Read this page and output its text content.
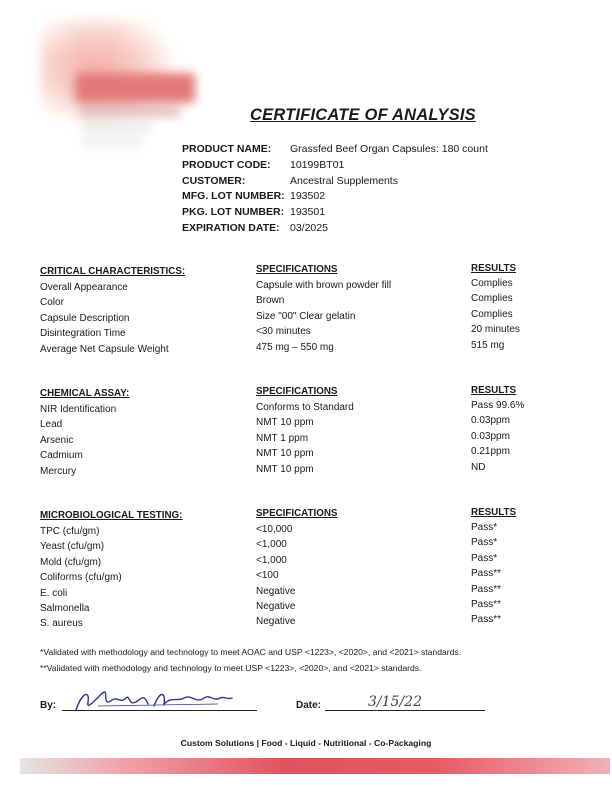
CERTIFICATE OF ANALYSIS
PRODUCT NAME: Grassfed Beef Organ Capsules: 180 count
PRODUCT CODE: 10199BT01
CUSTOMER:	Ancestral Supplements
MFG. LOT NUMBER: 193502
PKG. LOT NUMBER: 193501
EXPIRATION DATE: 03/2025
CRITICAL CHARACTERISTICS:	SPECIFICATIONS	RESULTS
Overall Appearance	Capsule with brown powder fill	Complies
Color	Brown	Complies
Capsule Description	Size "00" Clear gelatin	Complies
Disintegration Time	<30 minutes	20 minutes
Average Net Capsule Weight	475 mg – 550 mg	515 mg
CHEMICAL ASSAY:	SPECIFICATIONS	RESULTS
NIR Identification	Conforms to Standard	Pass 99.6%
Lead	NMT 10 ppm	0.03ppm
Arsenic	NMT 1 ppm	0.03ppm
Cadmium	NMT 10 ppm	0.21ppm
Mercury	NMT 10 ppm	ND
MICROBIOLOGICAL TESTING:	SPECIFICATIONS	RESULTS
TPC (cfu/gm)	<10,000	Pass*
Yeast (cfu/gm)	<1,000	Pass*
Mold (cfu/gm)	<1,000	Pass*
Coliforms (cfu/gm)	<100	Pass**
E. coli	Negative	Pass**
Salmonella	Negative	Pass**
S. aureus	Negative	Pass**
*Validated with methodology and technology to meet AOAC and USP <1223>, <2020>, and <2021> standards.
**Validated with methodology and technology to meet USP <1223>, <2020>, and <2021> standards.
By:	Date:	3/15/22
Custom Solutions | Food - Liquid - Nutritional - Co-Packaging
